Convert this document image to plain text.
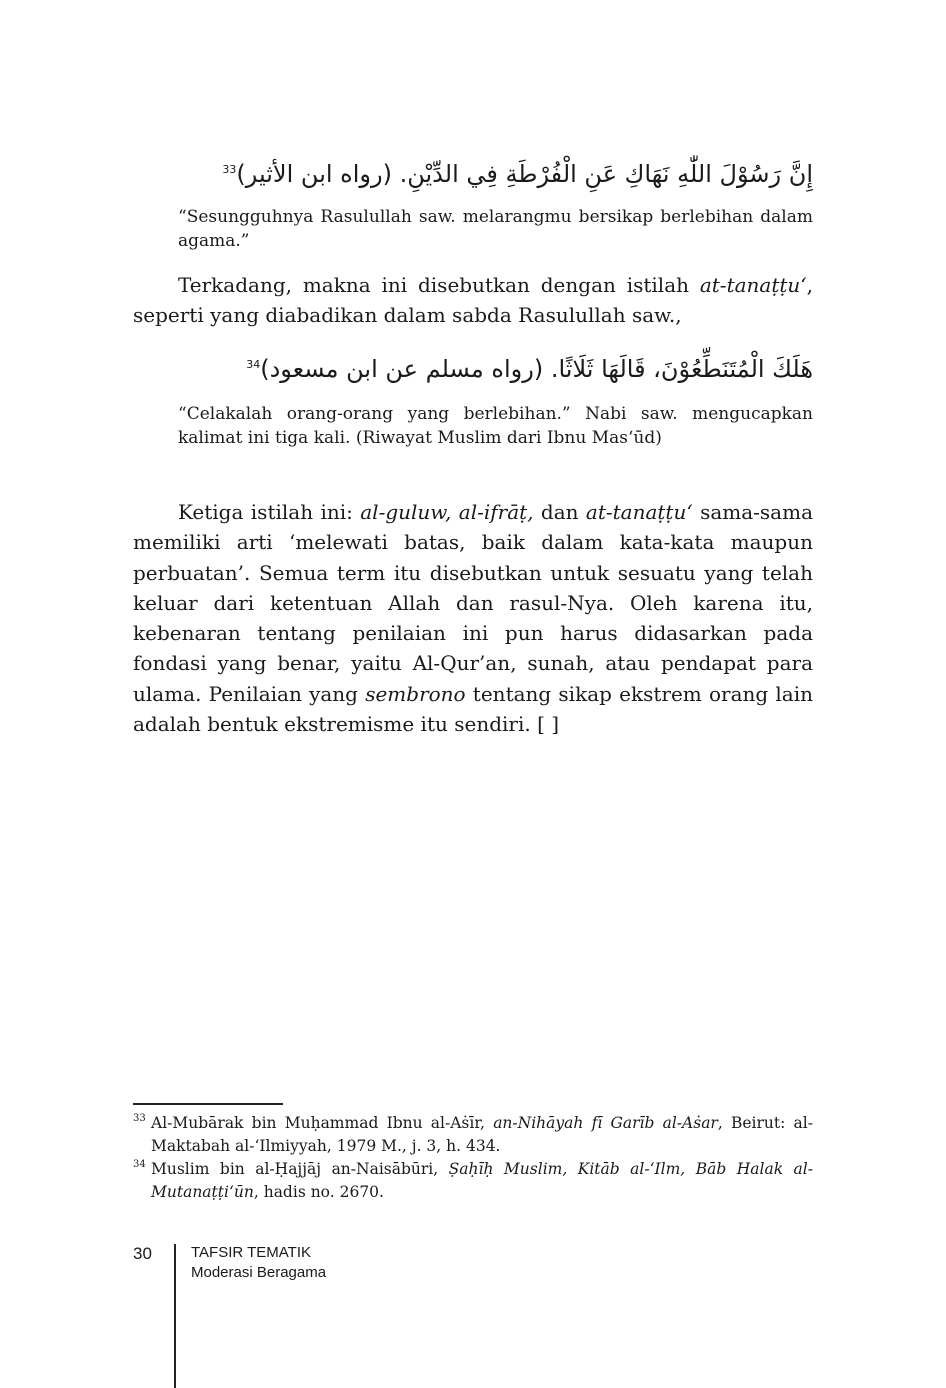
إِنَّ رَسُوْلَ اللّٰهِ نَهَاكِ عَنِ الْفُرْطَةِ فِي الدِّيْنِ. (رواه ابن الأثير)$^{33}$
“Sesungguhnya Rasulullah saw. melarangmu bersikap berlebihan dalam agama.”
Terkadang, makna ini disebutkan dengan istilah at-tanaṭṭu‘, seperti yang diabadikan dalam sabda Rasulullah saw.,
هَلَكَ الْمُتَنَطِّعُوْنَ، قَالَهَا ثَلَاثًا. (رواه مسلم عن ابن مسعود)$^{34}$
“Celakalah orang-orang yang berlebihan.” Nabi saw. mengucapkan kalimat ini tiga kali. (Riwayat Muslim dari Ibnu Mas‘ūd)
Ketiga istilah ini: al-guluw, al-ifrāṭ, dan at-tanaṭṭu‘ sama-sama memiliki arti ‘melewati batas, baik dalam kata-kata maupun perbuatan’. Semua term itu disebutkan untuk sesuatu yang telah keluar dari ketentuan Allah dan rasul-Nya. Oleh karena itu, kebenaran tentang penilaian ini pun harus didasarkan pada fondasi yang benar, yaitu Al-Qur’an, sunah, atau pendapat para ulama. Penilaian yang sembrono tentang sikap ekstrem orang lain adalah bentuk ekstremisme itu sendiri. [ ]
33 Al-Mubārak bin Muḥammad Ibnu al-Aṡīr, an-Nihāyah fī Garīb al-Aṡar, Beirut: al-Maktabah al-‘Ilmiyyah, 1979 M., j. 3, h. 434.
34 Muslim bin al-Ḥajjāj an-Naisābūri, Ṣaḥīḥ Muslim, Kitāb al-‘Ilm, Bāb Halak al-Mutanaṭṭi‘ūn, hadis no. 2670.
30	TAFSIR TEMATIK
Moderasi Beragama
